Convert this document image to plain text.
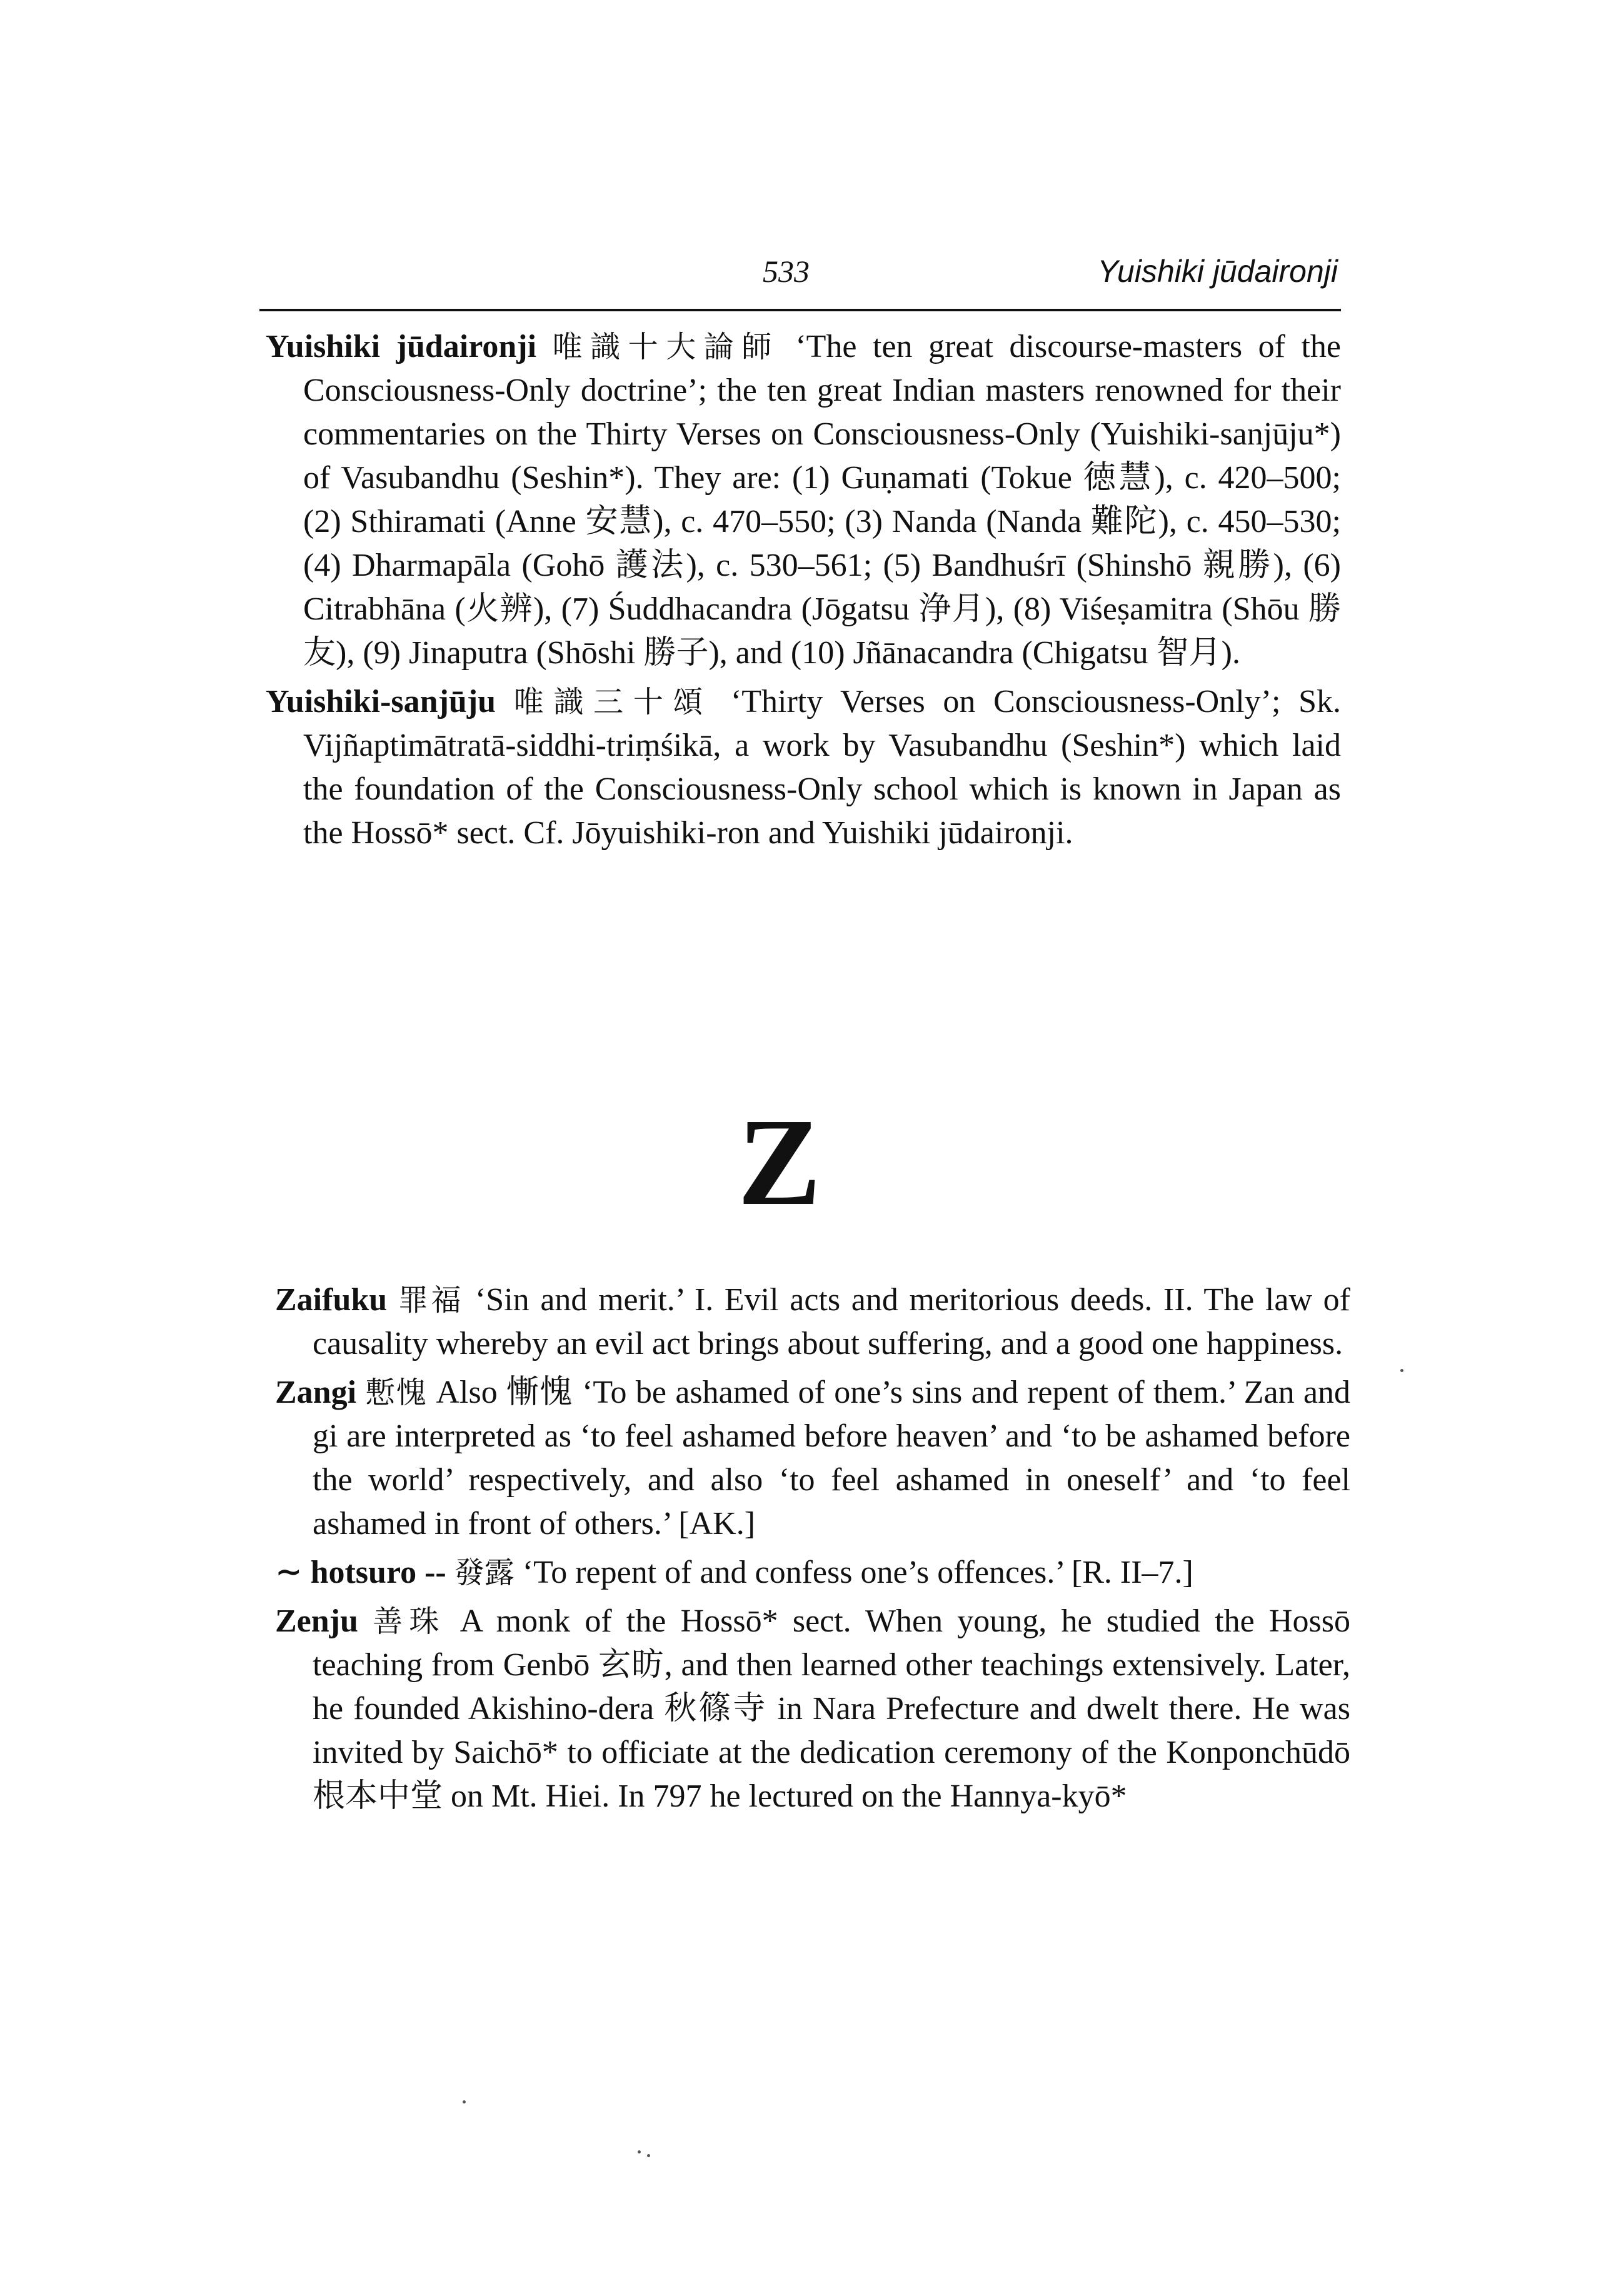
533	Yuishiki jūdaironji

Yuishiki jūdaironji 唯識十大論師 ‘The ten great discourse-masters of the Consciousness-Only doctrine’; the ten great Indian masters renowned for their commentaries on the Thirty Verses on Consciousness-Only (Yuishiki-sanjūju*) of Vasubandhu (Seshin*). They are: (1) Guṇamati (Tokue 徳慧), c. 420–500; (2) Sthiramati (Anne 安慧), c. 470–550; (3) Nanda (Nanda 難陀), c. 450–530; (4) Dharmapāla (Gohō 護法), c. 530–561; (5) Bandhuśrī (Shinshō 親勝), (6) Citrabhāna (火辨), (7) Śuddhacandra (Jōgatsu 浄月), (8) Viśeṣamitra (Shōu 勝友), (9) Jinaputra (Shōshi 勝子), and (10) Jñānacandra (Chigatsu 智月).

Yuishiki-sanjūju 唯識三十頌 ‘Thirty Verses on Consciousness-Only’; Sk. Vijñaptimātratā-siddhi-triṃśikā, a work by Vasubandhu (Seshin*) which laid the foundation of the Consciousness-Only school which is known in Japan as the Hossō* sect. Cf. Jōyuishiki-ron and Yuishiki jūdaironji.

Z

Zaifuku 罪福 ‘Sin and merit.’ I. Evil acts and meritorious deeds. II. The law of causality whereby an evil act brings about suffering, and a good one happiness.

Zangi 慙愧 Also 慚愧 ‘To be ashamed of one’s sins and repent of them.’ Zan and gi are interpreted as ‘to feel ashamed before heaven’ and ‘to be ashamed before the world’ respectively, and also ‘to feel ashamed in oneself’ and ‘to feel ashamed in front of others.’ [AK.]

∼ hotsuro -- 發露 ‘To repent of and confess one’s offences.’ [R. II–7.]

Zenju 善珠 A monk of the Hossō* sect. When young, he studied the Hossō teaching from Genbō 玄昉, and then learned other teachings extensively. Later, he founded Akishino-dera 秋篠寺 in Nara Prefecture and dwelt there. He was invited by Saichō* to officiate at the dedication ceremony of the Konponchūdō 根本中堂 on Mt. Hiei. In 797 he lectured on the Hannya-kyō*
